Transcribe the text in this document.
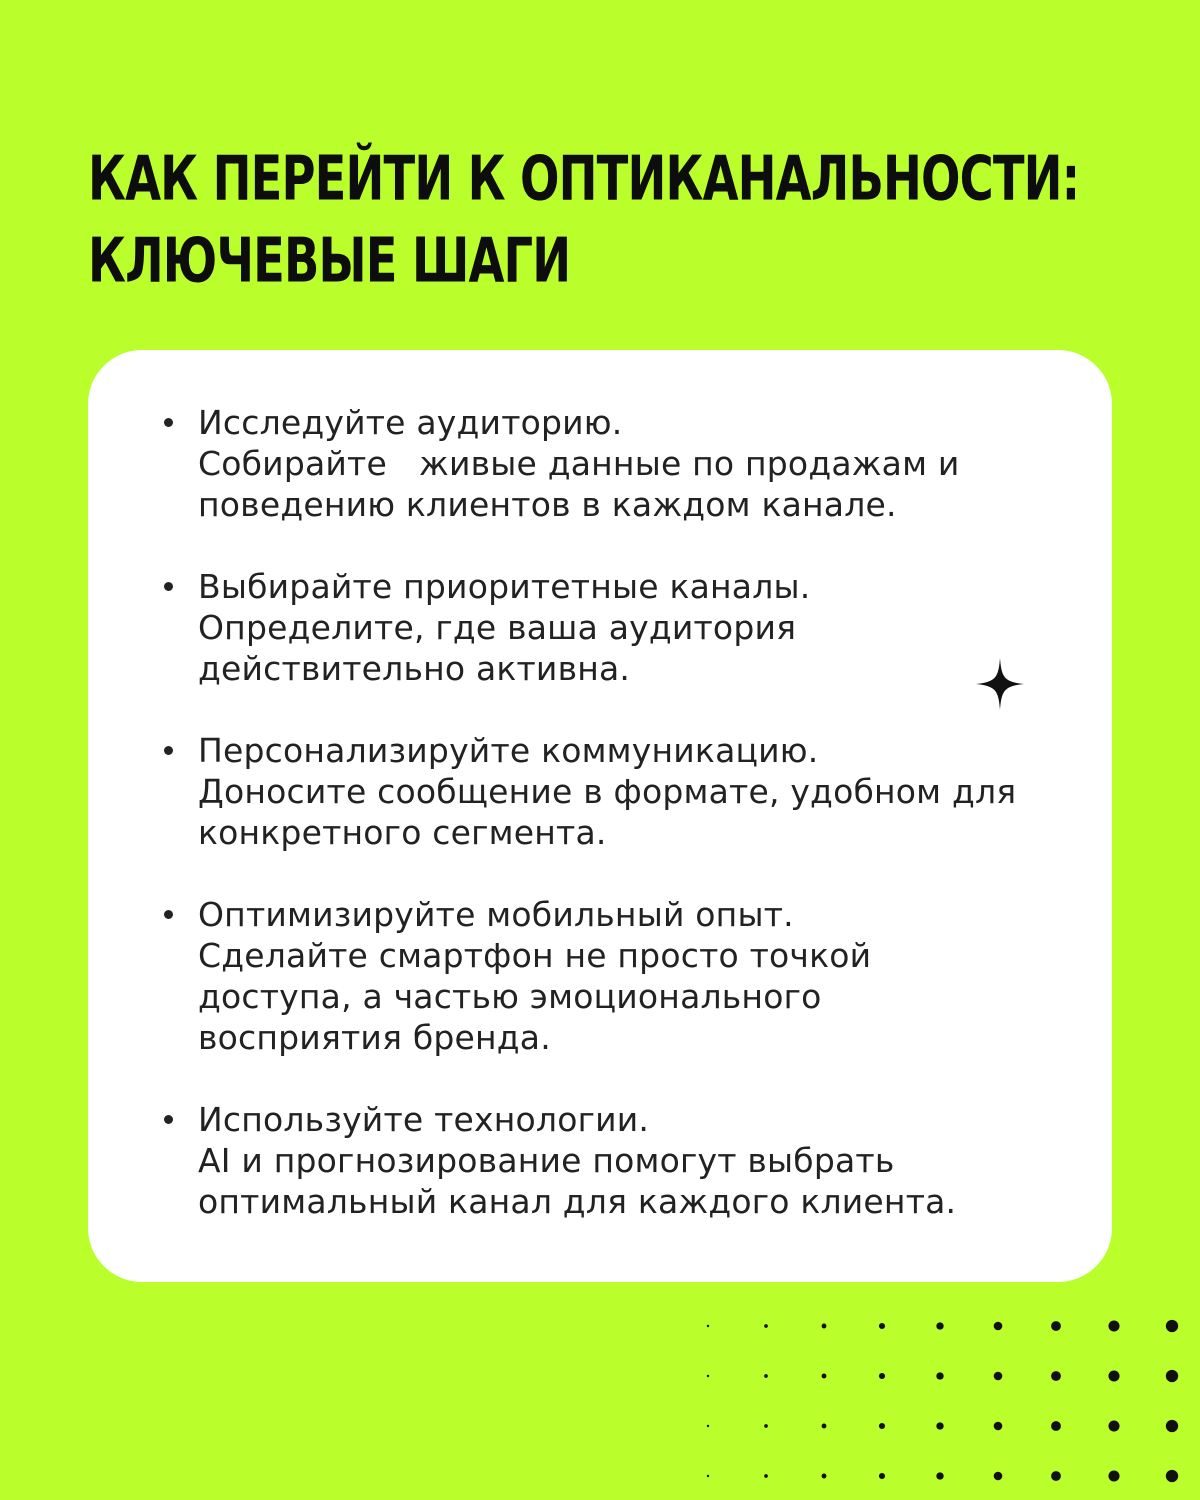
КАК ПЕРЕЙТИ К ОПТИКАНАЛЬНОСТИ:
КЛЮЧЕВЫЕ ШАГИ
Исследуйте аудиторию.
Собирайте   живые данные по продажам и поведению клиентов в каждом канале.
Выбирайте приоритетные каналы.
Определите, где ваша аудитория действительно активна.
Персонализируйте коммуникацию.
Доносите сообщение в формате, удобном для конкретного сегмента.
Оптимизируйте мобильный опыт.
Сделайте смартфон не просто точкой доступа, а частью эмоционального восприятия бренда.
Используйте технологии.
AI и прогнозирование помогут выбрать оптимальный канал для каждого клиента.
